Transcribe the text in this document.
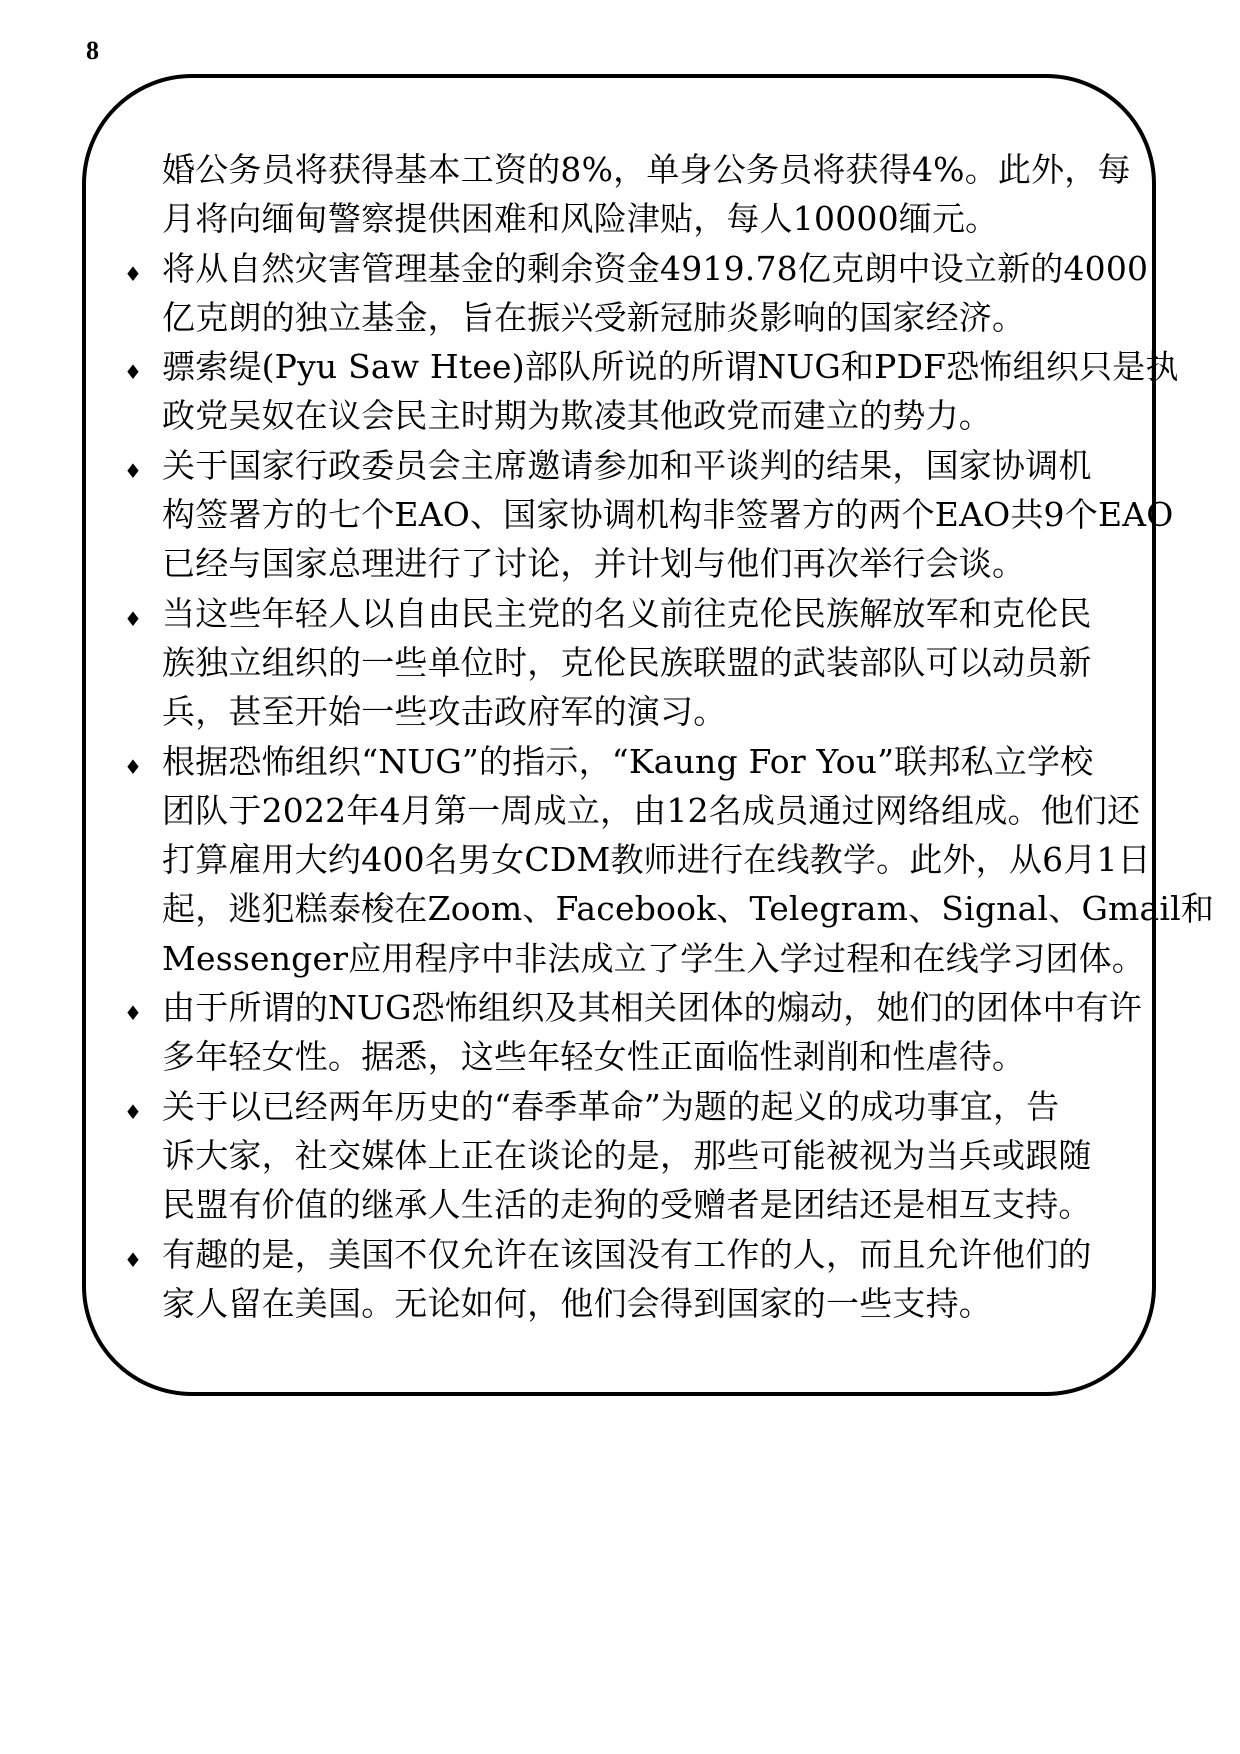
8
婚公务员将获得基本工资的8%，单身公务员将获得4%。此外，每
月将向缅甸警察提供困难和风险津贴，每人10000缅元。
♦ 将从自然灾害管理基金的剩余资金4919.78亿克朗中设立新的4000
亿克朗的独立基金，旨在振兴受新冠肺炎影响的国家经济。
♦ 骠索缇(Pyu Saw Htee)部队所说的所谓NUG和PDF恐怖组织只是执
政党吴奴在议会民主时期为欺凌其他政党而建立的势力。
♦ 关于国家行政委员会主席邀请参加和平谈判的结果，国家协调机
构签署方的七个EAO、国家协调机构非签署方的两个EAO共9个EAO
已经与国家总理进行了讨论，并计划与他们再次举行会谈。
♦ 当这些年轻人以自由民主党的名义前往克伦民族解放军和克伦民
族独立组织的一些单位时，克伦民族联盟的武装部队可以动员新
兵，甚至开始一些攻击政府军的演习。
♦ 根据恐怖组织“NUG”的指示，“Kaung For You”联邦私立学校
团队于2022年4月第一周成立，由12名成员通过网络组成。他们还
打算雇用大约400名男女CDM教师进行在线教学。此外，从6月1日
起，逃犯糕泰梭在Zoom、Facebook、Telegram、Signal、Gmail和
Messenger应用程序中非法成立了学生入学过程和在线学习团体。
♦ 由于所谓的NUG恐怖组织及其相关团体的煽动，她们的团体中有许
多年轻女性。据悉，这些年轻女性正面临性剥削和性虐待。
♦ 关于以已经两年历史的“春季革命”为题的起义的成功事宜，告
诉大家，社交媒体上正在谈论的是，那些可能被视为当兵或跟随
民盟有价值的继承人生活的走狗的受赠者是团结还是相互支持。
♦ 有趣的是，美国不仅允许在该国没有工作的人，而且允许他们的
家人留在美国。无论如何，他们会得到国家的一些支持。
